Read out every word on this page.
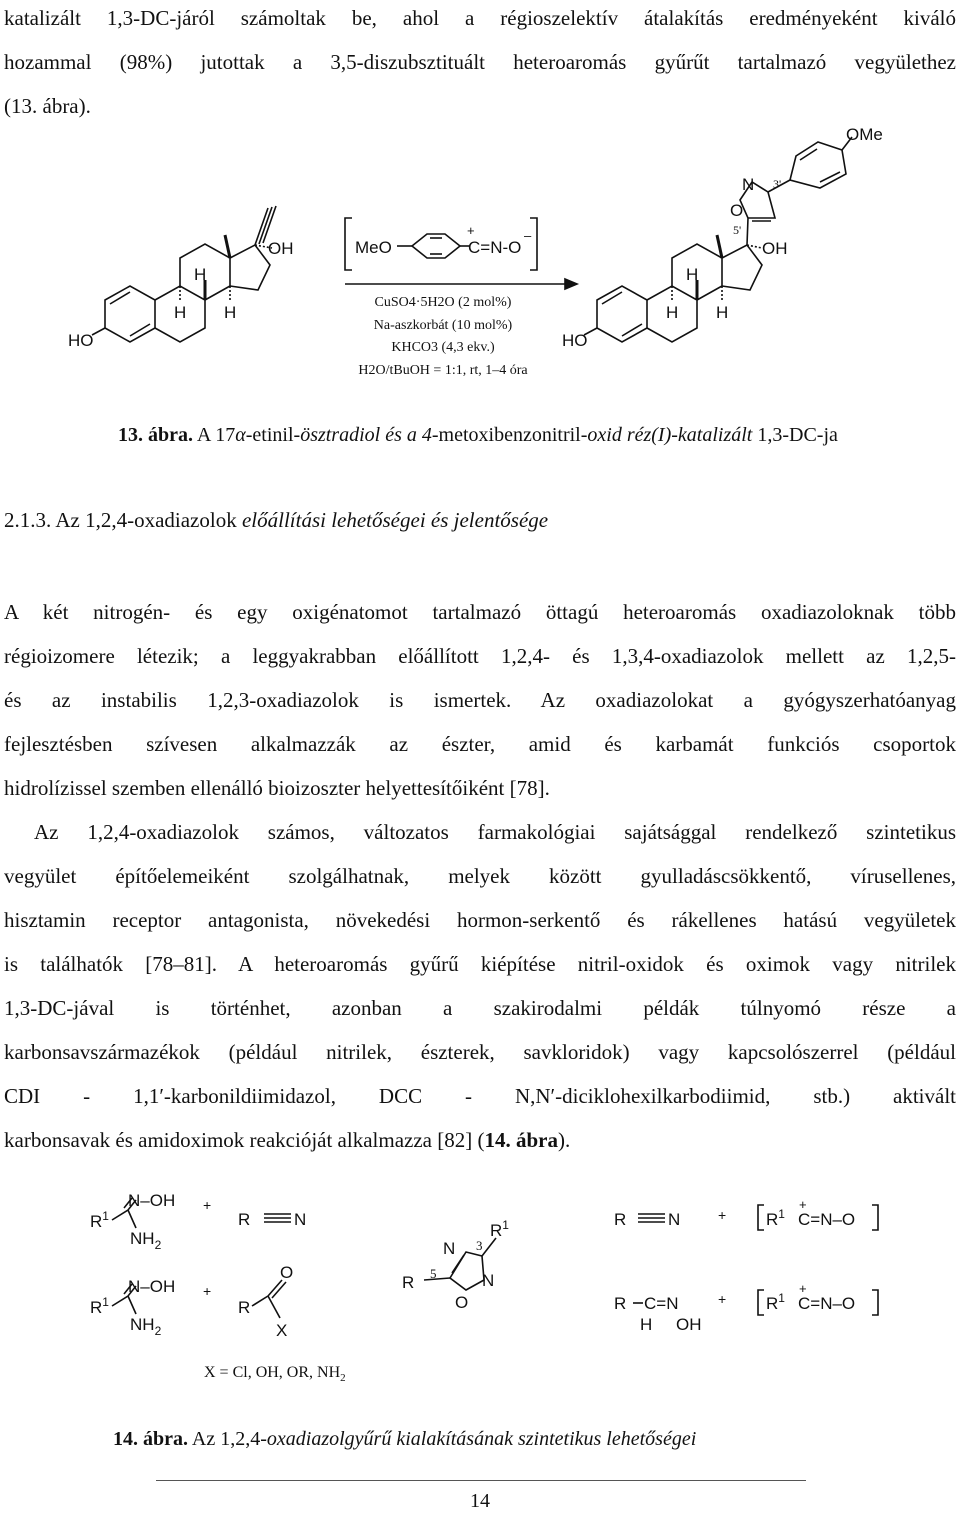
katalizált 1,3-DC-járól számoltak be, ahol a régioszelektív átalakítás eredményeként kiváló
hozammal (98%) jutottak a 3,5-diszubsztituált heteroaromás gyűrűt tartalmazó vegyülethez
(13. ábra).
OH
HO
H
H H
MeO	C=N-O
+	–
OMe
N
O
3'
5'
OH
HO
H
H H
CuSO4·5H2O (2 mol%)
Na-aszkorbát (10 mol%)
KHCO3 (4,3 ekv.)
H2O/tBuOH = 1:1, rt, 1–4 óra
13. ábra. A 17α-etinil-ösztradiol és a 4-metoxibenzonitril-oxid réz(I)-katalizált 1,3-DC-ja
2.1.3. Az 1,2,4-oxadiazolok előállítási lehetőségei és jelentősége
A két nitrogén- és egy oxigénatomot tartalmazó öttagú heteroaromás oxadiazoloknak több
régioizomere létezik; a leggyakrabban előállított 1,2,4- és 1,3,4-oxadiazolok mellett az 1,2,5-
és az instabilis 1,2,3-oxadiazolok is ismertek. Az oxadiazolokat a gyógyszerhatóanyag
fejlesztésben szívesen alkalmazzák az észter, amid és karbamát funkciós csoportok
hidrolízissel szemben ellenálló bioizoszter helyettesítőiként [78].
Az 1,2,4-oxadiazolok számos, változatos farmakológiai sajátsággal rendelkező szintetikus
vegyület építőelemeiként szolgálhatnak, melyek között gyulladáscsökkentő, vírusellenes,
hisztamin receptor antagonista, növekedési hormon-serkentő és rákellenes hatású vegyületek
is találhatók [78–81]. A heteroaromás gyűrű kiépítése nitril-oxidok és oximok vagy nitrilek
1,3-DC-jával is történhet, azonban a szakirodalmi példák túlnyomó része a
karbonsavszármazékok (például nitrilek, észterek, savkloridok) vagy kapcsolószerrel (például
CDI - 1,1′-karbonildiimidazol, DCC - N,N′-diciklohexilkarbodiimid, stb.) aktivált
karbonsavak és amidoximok reakcióját alkalmazza [82] (14. ábra).
$R^1$
N–OH
$NH_2$
+
R	N
$R^1$
N–OH
$NH_2$
+
R
O
X
R
N
N
O
3
5
$R^1$	R N	+ $R^1$ C=N–O
+
R C=N
H OH
+ $R^1$ C=N–O
+
X = Cl, OH, OR, $NH_2$
14. ábra. Az 1,2,4-oxadiazolgyűrű kialakításának szintetikus lehetőségei
14
